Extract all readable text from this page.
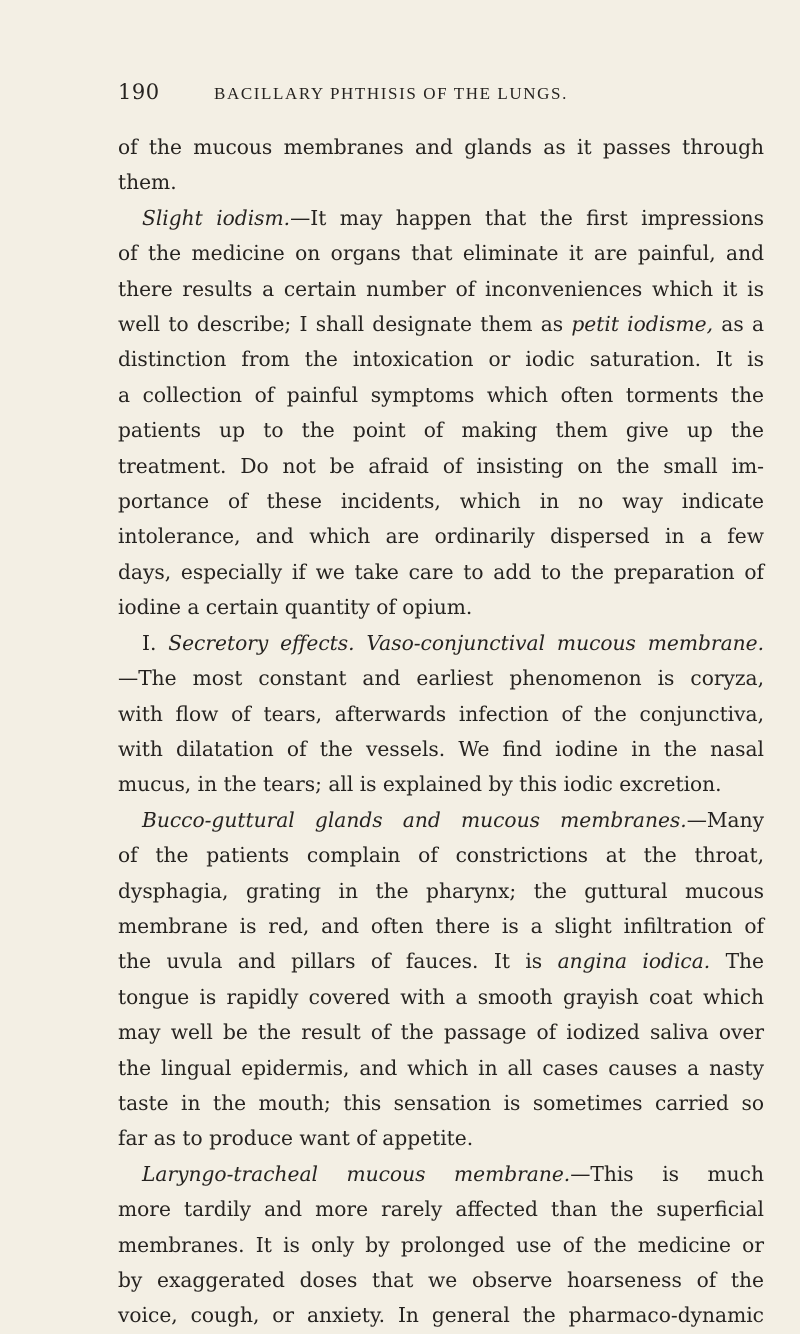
190	BACILLARY PHTHISIS OF THE LUNGS.
of the mucous membranes and glands as it passes through
them.
Slight iodism.—It may happen that the first impressions
of the medicine on organs that eliminate it are painful, and
there results a certain number of inconveniences which it is
well to describe; I shall designate them as petit iodisme, as a
distinction from the intoxication or iodic saturation. It is
a collection of painful symptoms which often torments the
patients up to the point of making them give up the
treatment. Do not be afraid of insisting on the small im-
portance of these incidents, which in no way indicate
intolerance, and which are ordinarily dispersed in a few
days, especially if we take care to add to the preparation of
iodine a certain quantity of opium.
I. Secretory effects. Vaso-conjunctival mucous membrane.
—The most constant and earliest phenomenon is coryza,
with flow of tears, afterwards infection of the conjunctiva,
with dilatation of the vessels. We find iodine in the nasal
mucus, in the tears; all is explained by this iodic excretion.
Bucco-guttural glands and mucous membranes.—Many
of the patients complain of constrictions at the throat,
dysphagia, grating in the pharynx; the guttural mucous
membrane is red, and often there is a slight infiltration of
the uvula and pillars of fauces. It is angina iodica. The
tongue is rapidly covered with a smooth grayish coat which
may well be the result of the passage of iodized saliva over
the lingual epidermis, and which in all cases causes a nasty
taste in the mouth; this sensation is sometimes carried so
far as to produce want of appetite.
Laryngo-tracheal mucous membrane.—This is much
more tardily and more rarely affected than the superficial
membranes. It is only by prolonged use of the medicine or
by exaggerated doses that we observe hoarseness of the
voice, cough, or anxiety. In general the pharmaco-dynamic
